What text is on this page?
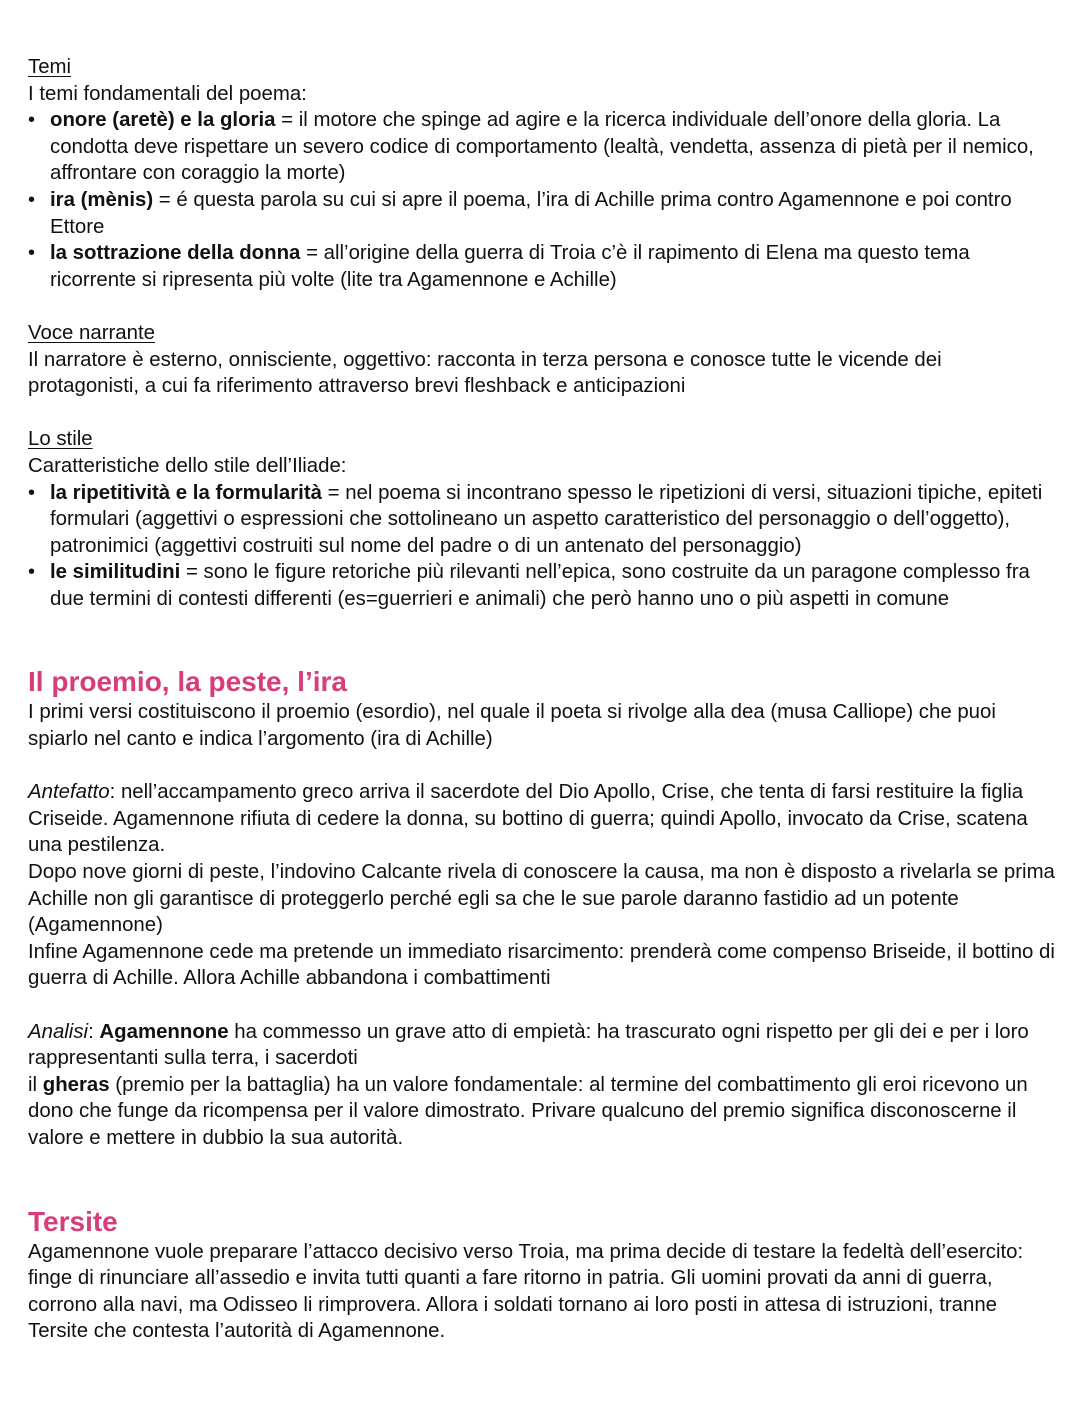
Temi

I temi fondamentali del poema:

• onore (aretè) e la gloria = il motore che spinge ad agire e la ricerca individuale dell’onore della gloria. La condotta deve rispettare un severo codice di comportamento (lealtà, vendetta, assenza di pietà per il nemico, affrontare con coraggio la morte)
• ira (mènis) = é questa parola su cui si apre il poema, l’ira di Achille prima contro Agamennone e poi contro Ettore
• la sottrazione della donna = all’origine della guerra di Troia c’è il rapimento di Elena ma questo tema ricorrente si ripresenta più volte (lite tra Agamennone e Achille)

Voce narrante

Il narratore è esterno, onnisciente, oggettivo: racconta in terza persona e conosce tutte le vicende dei protagonisti, a cui fa riferimento attraverso brevi fleshback e anticipazioni

Lo stile

Caratteristiche dello stile dell’Iliade:

• la ripetitività e la formularità = nel poema si incontrano spesso le ripetizioni di versi, situazioni tipiche, epiteti formulari (aggettivi o espressioni che sottolineano un aspetto caratteristico del personaggio o dell’oggetto), patronimici (aggettivi costruiti sul nome del padre o di un antenato del personaggio)
• le similitudini = sono le figure retoriche più rilevanti nell’epica, sono costruite da un paragone complesso fra due termini di contesti differenti (es=guerrieri e animali) che però hanno uno o più aspetti in comune
Il proemio, la peste, l’ira

I primi versi costituiscono il proemio (esordio), nel quale il poeta si rivolge alla dea (musa Calliope) che puoi spiarlo nel canto e indica l’argomento (ira di Achille)

Antefatto: nell’accampamento greco arriva il sacerdote del Dio Apollo, Crise, che tenta di farsi restituire la figlia Criseide. Agamennone rifiuta di cedere la donna, su bottino di guerra; quindi Apollo, invocato da Crise, scatena una pestilenza.

Dopo nove giorni di peste, l’indovino Calcante rivela di conoscere la causa, ma non è disposto a rivelarla se prima Achille non gli garantisce di proteggerlo perché egli sa che le sue parole daranno fastidio ad un potente (Agamennone)

Infine Agamennone cede ma pretende un immediato risarcimento: prenderà come compenso Briseide, il bottino di guerra di Achille. Allora Achille abbandona i combattimenti

Analisi: Agamennone ha commesso un grave atto di empietà: ha trascurato ogni rispetto per gli dei e per i loro rappresentanti sulla terra, i sacerdoti

il gheras (premio per la battaglia) ha un valore fondamentale: al termine del combattimento gli eroi ricevono un dono che funge da ricompensa per il valore dimostrato. Privare qualcuno del premio significa disconoscerne il valore e mettere in dubbio la sua autorità.

Tersite

Agamennone vuole preparare l’attacco decisivo verso Troia, ma prima decide di testare la fedeltà dell’esercito: finge di rinunciare all’assedio e invita tutti quanti a fare ritorno in patria. Gli uomini provati da anni di guerra, corrono alla navi, ma Odisseo li rimprovera. Allora i soldati tornano ai loro posti in attesa di istruzioni, tranne Tersite che contesta l’autorità di Agamennone.
